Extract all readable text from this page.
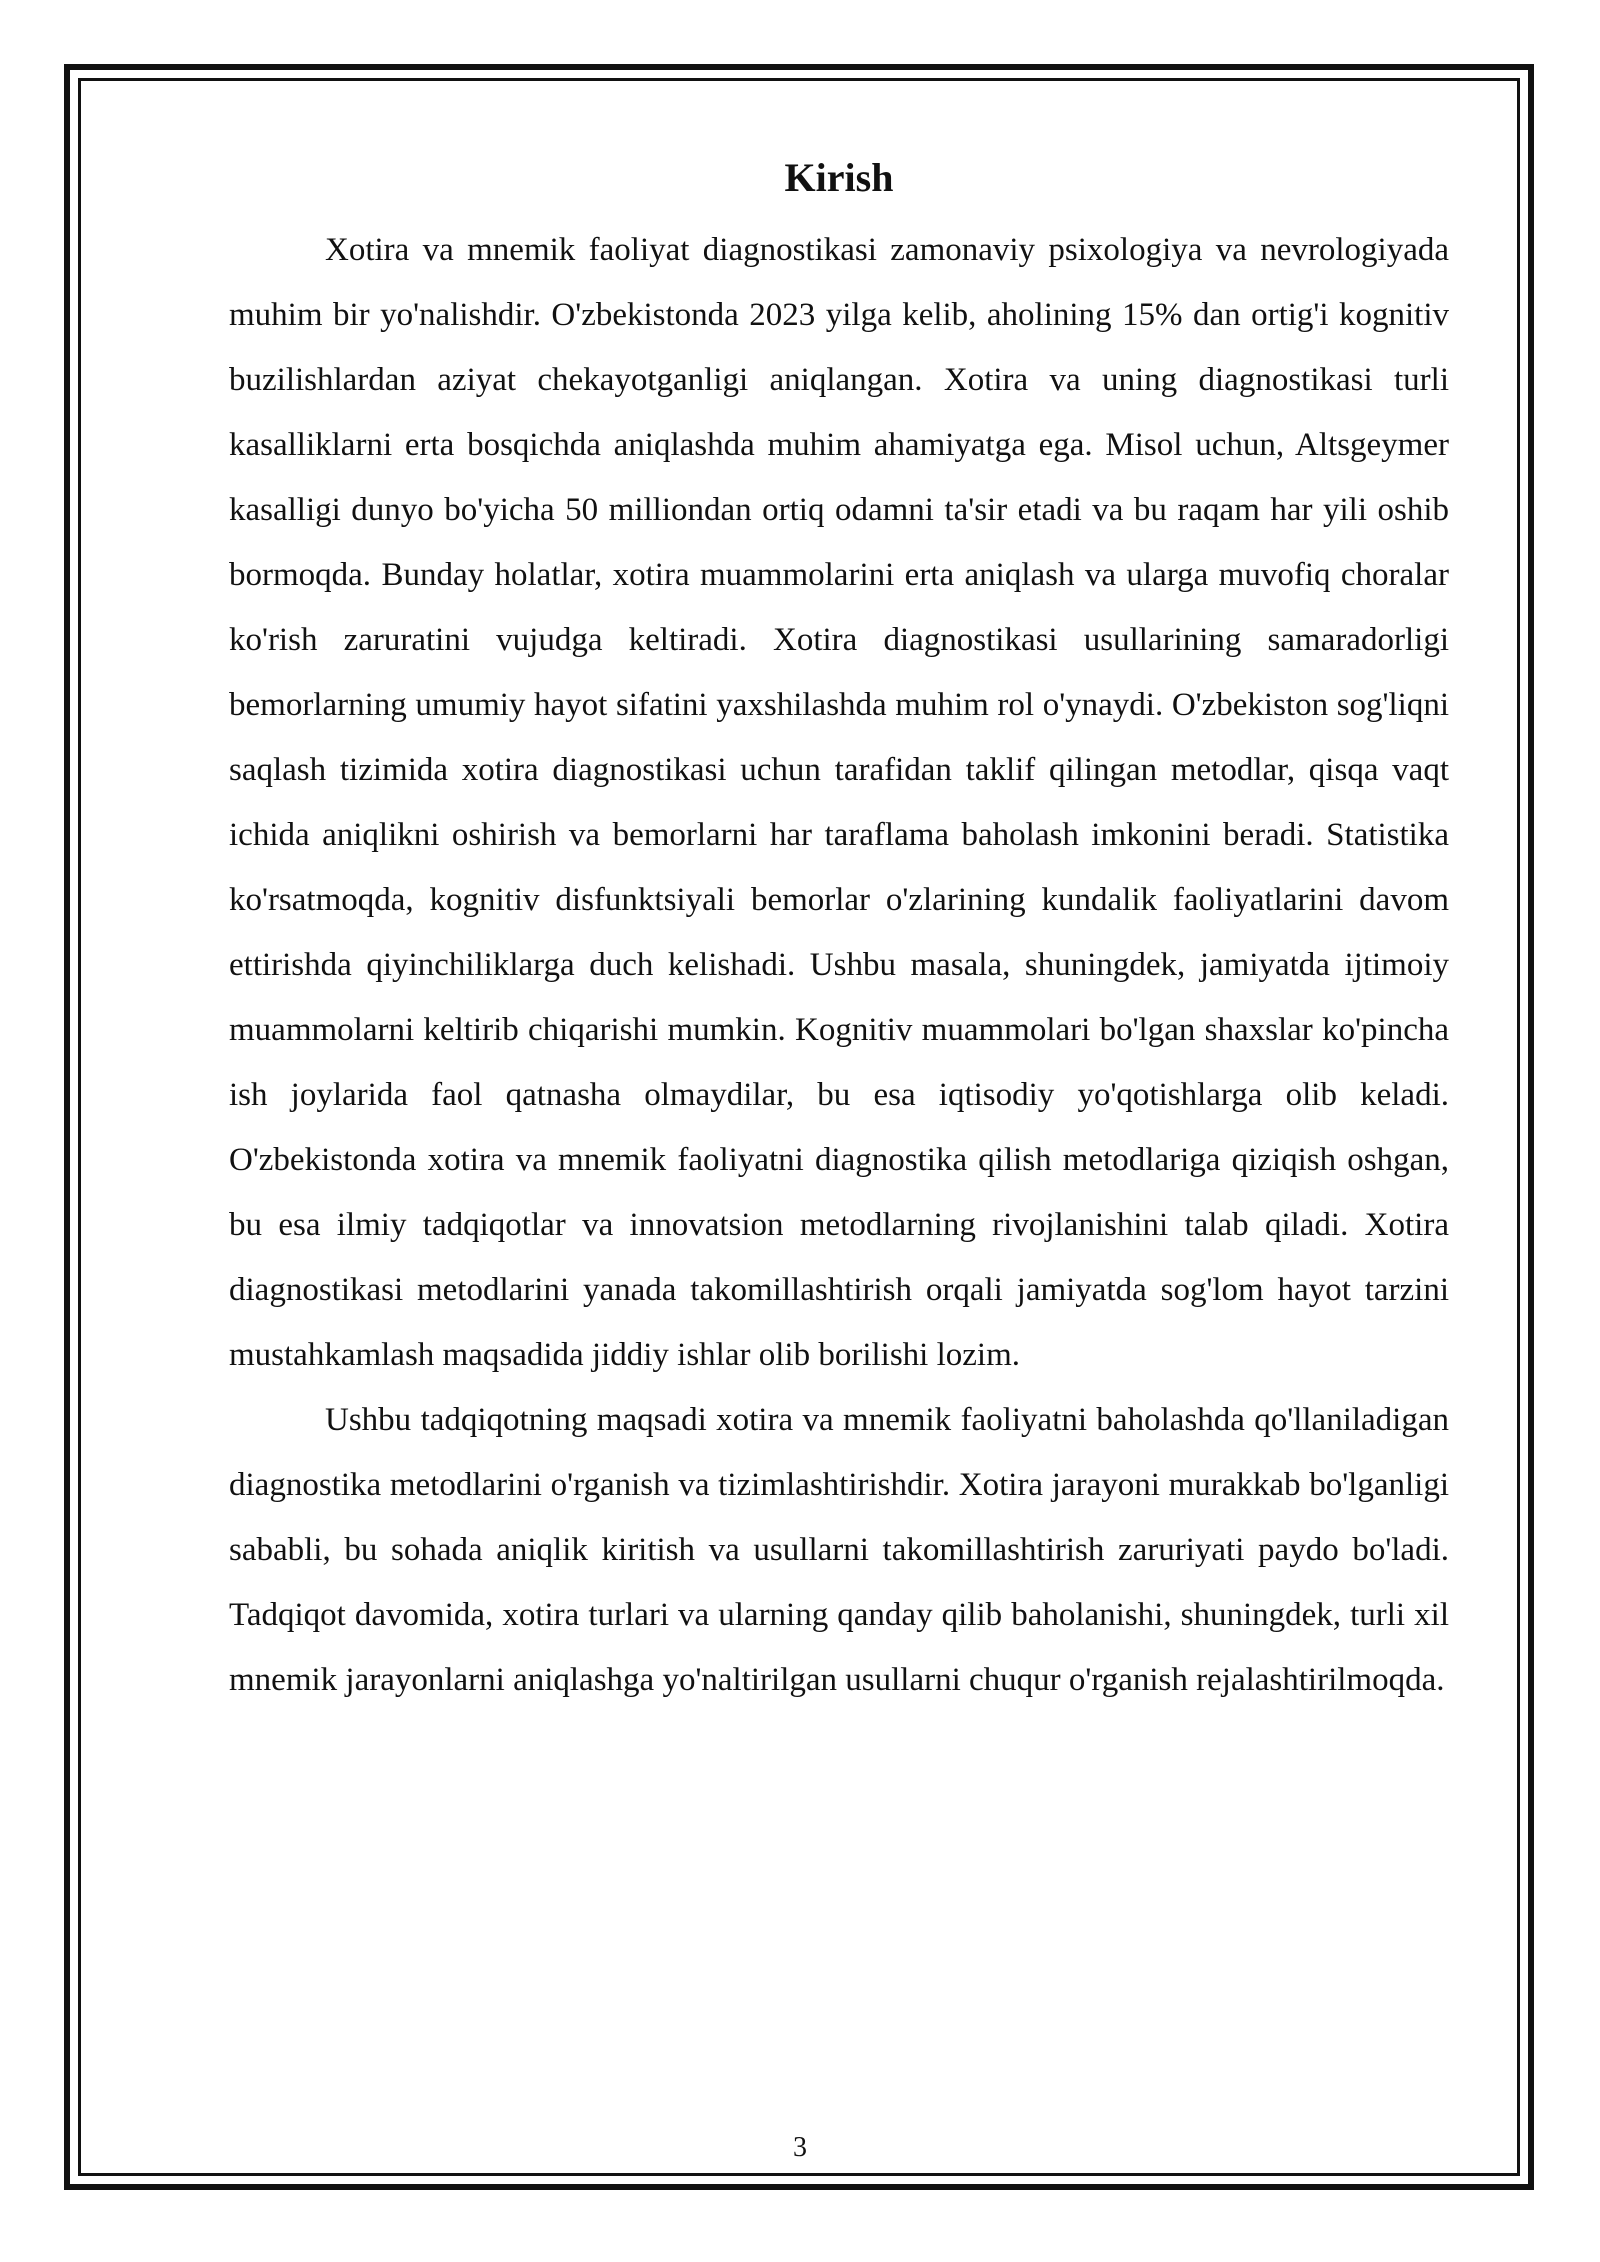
Kirish

Xotira va mnemik faoliyat diagnostikasi zamonaviy psixologiya va nevrologiyada muhim bir yo'nalishdir. O'zbekistonda 2023 yilga kelib, aholining 15% dan ortig'i kognitiv buzilishlardan aziyat chekayotganligi aniqlangan. Xotira va uning diagnostikasi turli kasalliklarni erta bosqichda aniqlashda muhim ahamiyatga ega. Misol uchun, Altsgeymer kasalligi dunyo bo'yicha 50 milliondan ortiq odamni ta'sir etadi va bu raqam har yili oshib bormoqda. Bunday holatlar, xotira muammolarini erta aniqlash va ularga muvofiq choralar ko'rish zaruratini vujudga keltiradi. Xotira diagnostikasi usullarining samaradorligi bemorlarning umumiy hayot sifatini yaxshilashda muhim rol o'ynaydi. O'zbekiston sog'liqni saqlash tizimida xotira diagnostikasi uchun tarafidan taklif qilingan metodlar, qisqa vaqt ichida aniqlikni oshirish va bemorlarni har taraflama baholash imkonini beradi. Statistika ko'rsatmoqda, kognitiv disfunktsiyali bemorlar o'zlarining kundalik faoliyatlarini davom ettirishda qiyinchiliklarga duch kelishadi. Ushbu masala, shuningdek, jamiyatda ijtimoiy muammolarni keltirib chiqarishi mumkin. Kognitiv muammolari bo'lgan shaxslar ko'pincha ish joylarida faol qatnasha olmaydilar, bu esa iqtisodiy yo'qotishlarga olib keladi. O'zbekistonda xotira va mnemik faoliyatni diagnostika qilish metodlariga qiziqish oshgan, bu esa ilmiy tadqiqotlar va innovatsion metodlarning rivojlanishini talab qiladi. Xotira diagnostikasi metodlarini yanada takomillashtirish orqali jamiyatda sog'lom hayot tarzini mustahkamlash maqsadida jiddiy ishlar olib borilishi lozim.

Ushbu tadqiqotning maqsadi xotira va mnemik faoliyatni baholashda qo'llaniladigan diagnostika metodlarini o'rganish va tizimlashtirishdir. Xotira jarayoni murakkab bo'lganligi sababli, bu sohada aniqlik kiritish va usullarni takomillashtirish zaruriyati paydo bo'ladi. Tadqiqot davomida, xotira turlari va ularning qanday qilib baholanishi, shuningdek, turli xil mnemik jarayonlarni aniqlashga yo'naltirilgan usullarni chuqur o'rganish rejalashtirilmoqda.

3
